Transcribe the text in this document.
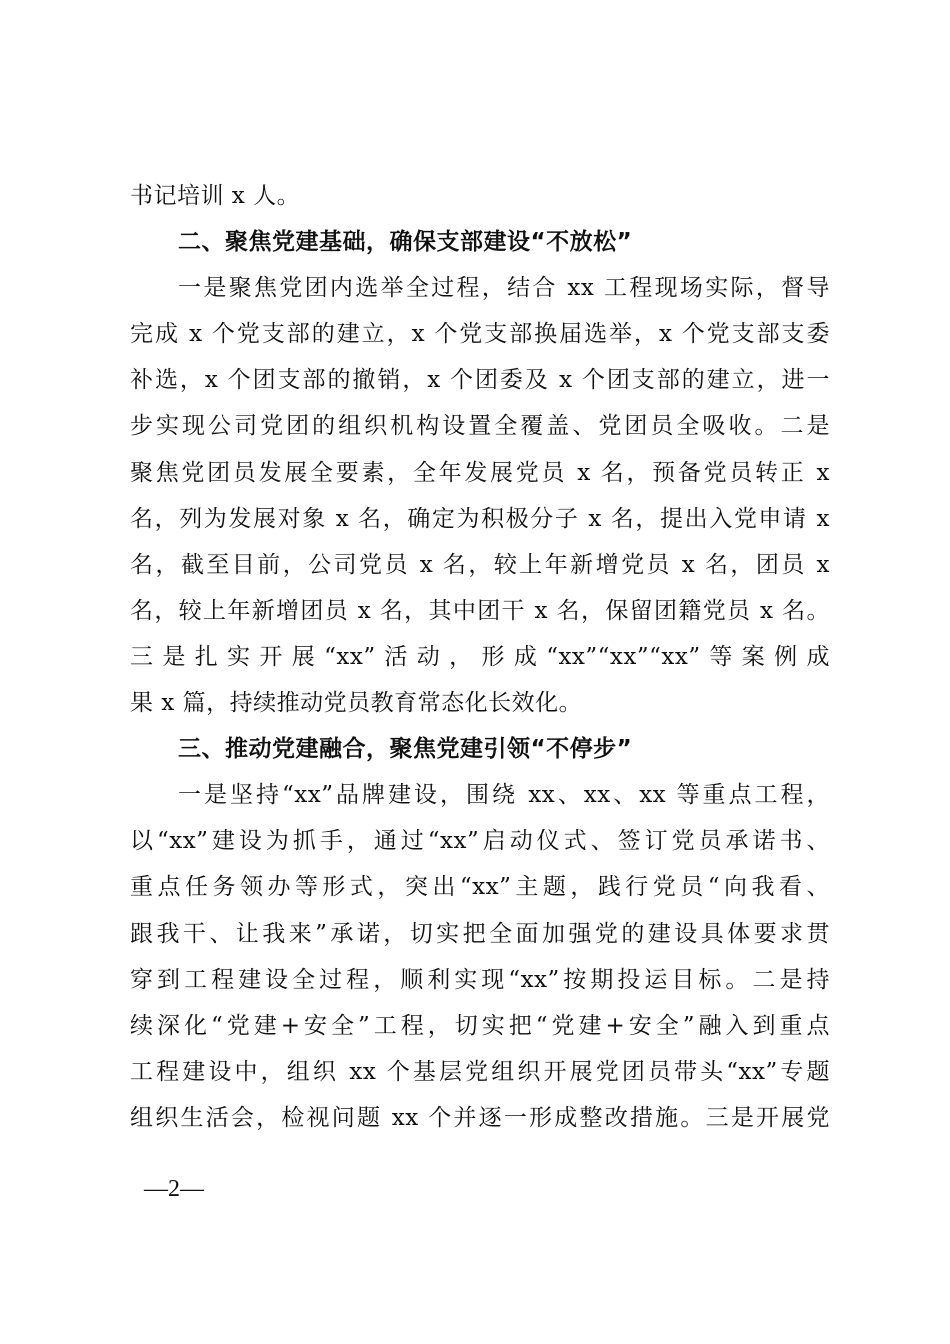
书记培训 x 人。
二、聚焦党建基础，确保支部建设“不放松”
一是聚焦党团内选举全过程，结合 xx 工程现场实际，督导
完成 x 个党支部的建立，x 个党支部换届选举，x 个党支部支委
补选，x 个团支部的撤销，x 个团委及 x 个团支部的建立，进一
步实现公司党团的组织机构设置全覆盖、党团员全吸收。二是
聚焦党团员发展全要素，全年发展党员 x 名，预备党员转正 x
名，列为发展对象 x 名，确定为积极分子 x 名，提出入党申请 x
名，截至目前，公司党员 x 名，较上年新增党员 x 名，团员 x
名，较上年新增团员 x 名，其中团干 x 名，保留团籍党员 x 名。
三是扎实开展“xx”活动，形成“xx”“xx”“xx”等案例成
果 x 篇，持续推动党员教育常态化长效化。
三、推动党建融合，聚焦党建引领“不停步”
一是坚持“xx”品牌建设，围绕 xx、xx、xx 等重点工程，
以“xx”建设为抓手，通过“xx”启动仪式、签订党员承诺书、
重点任务领办等形式，突出“xx”主题，践行党员“向我看、
跟我干、让我来”承诺，切实把全面加强党的建设具体要求贯
穿到工程建设全过程，顺利实现“xx”按期投运目标。二是持
续深化“党建+安全”工程，切实把“党建+安全”融入到重点
工程建设中，组织 xx 个基层党组织开展党团员带头“xx”专题
组织生活会，检视问题 xx 个并逐一形成整改措施。三是开展党
—2—
